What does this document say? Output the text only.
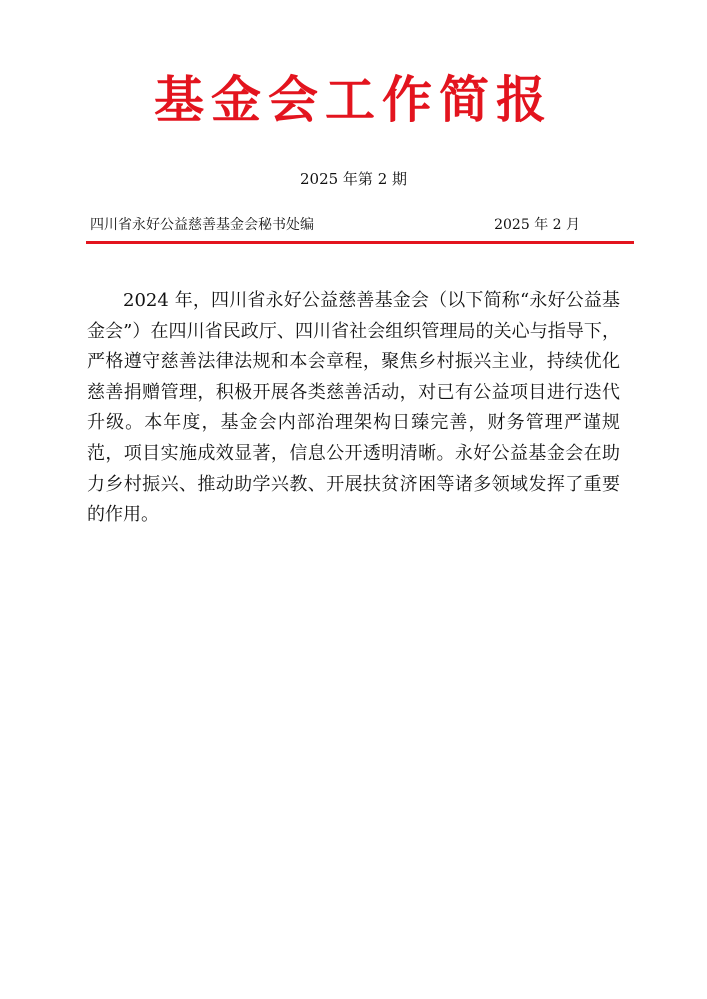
基金会工作简报
2025 年第 2 期
四川省永好公益慈善基金会秘书处编	2025 年 2 月

2024 年，四川省永好公益慈善基金会（以下简称“永好公益基金会”）在四川省民政厅、四川省社会组织管理局的关心与指导下，严格遵守慈善法律法规和本会章程，聚焦乡村振兴主业，持续优化慈善捐赠管理，积极开展各类慈善活动，对已有公益项目进行迭代升级。本年度，基金会内部治理架构日臻完善，财务管理严谨规范，项目实施成效显著，信息公开透明清晰。永好公益基金会在助力乡村振兴、推动助学兴教、开展扶贫济困等诸多领域发挥了重要的作用。
